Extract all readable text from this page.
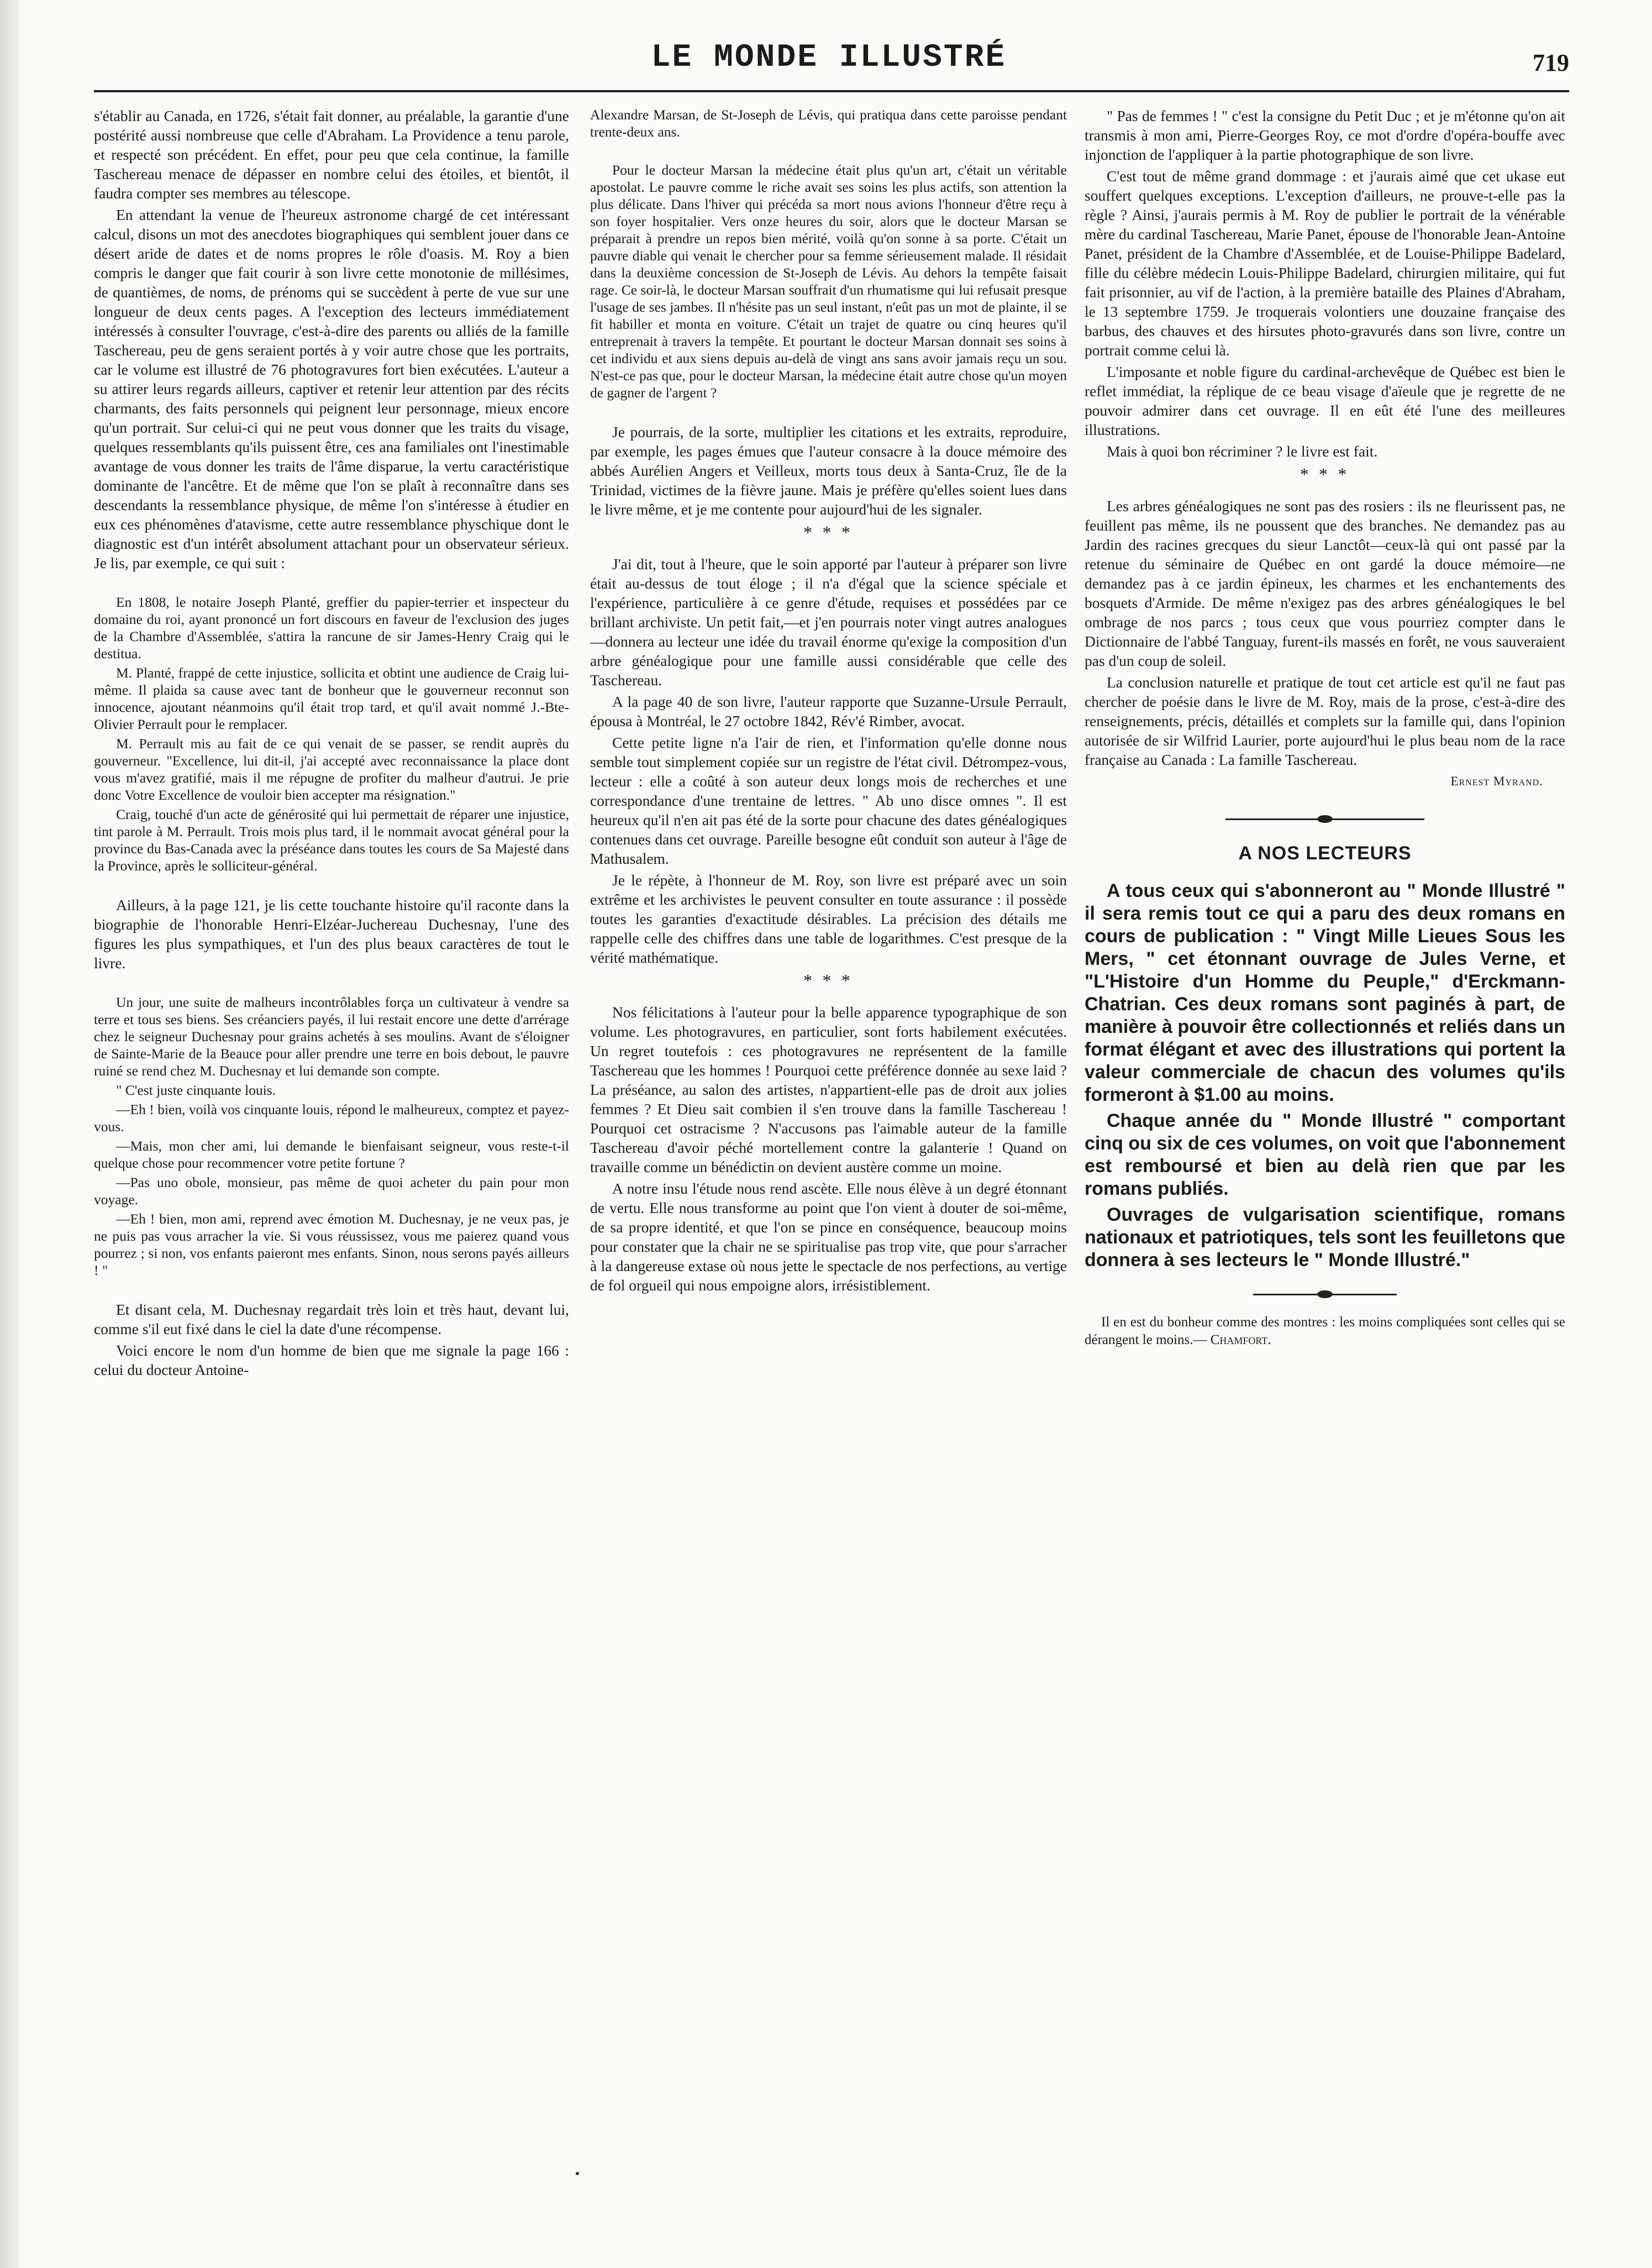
LE MONDE ILLUSTRÉ	719

s'établir au Canada, en 1726, s'était fait donner, au préalable, la garantie d'une postérité aussi nombreuse que celle d'Abraham. La Providence a tenu parole, et respecté son précédent. En effet, pour peu que cela continue, la famille Taschereau menace de dépasser en nombre celui des étoiles, et bientôt, il faudra compter ses membres au télescope.

En attendant la venue de l'heureux astronome chargé de cet intéressant calcul, disons un mot des anecdotes biographiques qui semblent jouer dans ce désert aride de dates et de noms propres le rôle d'oasis. M. Roy a bien compris le danger que fait courir à son livre cette monotonie de millésimes, de quantièmes, de noms, de prénoms qui se succèdent à perte de vue sur une longueur de deux cents pages. A l'exception des lecteurs immédiatement intéressés à consulter l'ouvrage, c'est-à-dire des parents ou alliés de la famille Taschereau, peu de gens seraient portés à y voir autre chose que les portraits, car le volume est illustré de 76 photogravures fort bien exécutées. L'auteur a su attirer leurs regards ailleurs, captiver et retenir leur attention par des récits charmants, des faits personnels qui peignent leur personnage, mieux encore qu'un portrait. Sur celui-ci qui ne peut vous donner que les traits du visage, quelques ressemblants qu'ils puissent être, ces ana familiales ont l'inestimable avantage de vous donner les traits de l'âme disparue, la vertu caractéristique dominante de l'ancêtre. Et de même que l'on se plaît à reconnaître dans ses descendants la ressemblance physique, de même l'on s'intéresse à étudier en eux ces phénomènes d'atavisme, cette autre ressemblance physchique dont le diagnostic est d'un intérêt absolument attachant pour un observateur sérieux. Je lis, par exemple, ce qui suit :

En 1808, le notaire Joseph Planté, greffier du papier-terrier et inspecteur du domaine du roi, ayant prononcé un fort discours en faveur de l'exclusion des juges de la Chambre d'Assemblée, s'attira la rancune de sir James-Henry Craig qui le destitua.

M. Planté, frappé de cette injustice, sollicita et obtint une audience de Craig lui-même. Il plaida sa cause avec tant de bonheur que le gouverneur reconnut son innocence, ajoutant néanmoins qu'il était trop tard, et qu'il avait nommé J.-Bte-Olivier Perrault pour le remplacer.

M. Perrault mis au fait de ce qui venait de se passer, se rendit auprès du gouverneur. "Excellence, lui dit-il, j'ai accepté avec reconnaissance la place dont vous m'avez gratifié, mais il me répugne de profiter du malheur d'autrui. Je prie donc Votre Excellence de vouloir bien accepter ma résignation."

Craig, touché d'un acte de générosité qui lui permettait de réparer une injustice, tint parole à M. Perrault. Trois mois plus tard, il le nommait avocat général pour la province du Bas-Canada avec la préséance dans toutes les cours de Sa Majesté dans la Province, après le solliciteur-général.

Ailleurs, à la page 121, je lis cette touchante histoire qu'il raconte dans la biographie de l'honorable Henri-Elzéar-Juchereau Duchesnay, l'une des figures les plus sympathiques, et l'un des plus beaux caractères de tout le livre.

Un jour, une suite de malheurs incontrôlables força un cultivateur à vendre sa terre et tous ses biens. Ses créanciers payés, il lui restait encore une dette d'arrérage chez le seigneur Duchesnay pour grains achetés à ses moulins. Avant de s'éloigner de Sainte-Marie de la Beauce pour aller prendre une terre en bois debout, le pauvre ruiné se rend chez M. Duchesnay et lui demande son compte.

" C'est juste cinquante louis.

—Eh ! bien, voilà vos cinquante louis, répond le malheureux, comptez et payez-vous.

—Mais, mon cher ami, lui demande le bienfaisant seigneur, vous reste-t-il quelque chose pour recommencer votre petite fortune ?

—Pas uno obole, monsieur, pas même de quoi acheter du pain pour mon voyage.

—Eh ! bien, mon ami, reprend avec émotion M. Duchesnay, je ne veux pas, je ne puis pas vous arracher la vie. Si vous réussissez, vous me paierez quand vous pourrez ; si non, vos enfants paieront mes enfants. Sinon, nous serons payés ailleurs ! "

Et disant cela, M. Duchesnay regardait très loin et très haut, devant lui, comme s'il eut fixé dans le ciel la date d'une récompense.

Voici encore le nom d'un homme de bien que me signale la page 166 : celui du docteur Antoine-

Alexandre Marsan, de St-Joseph de Lévis, qui pratiqua dans cette paroisse pendant trente-deux ans.

Pour le docteur Marsan la médecine était plus qu'un art, c'était un véritable apostolat. Le pauvre comme le riche avait ses soins les plus actifs, son attention la plus délicate. Dans l'hiver qui précéda sa mort nous avions l'honneur d'être reçu à son foyer hospitalier. Vers onze heures du soir, alors que le docteur Marsan se préparait à prendre un repos bien mérité, voilà qu'on sonne à sa porte. C'était un pauvre diable qui venait le chercher pour sa femme sérieusement malade. Il résidait dans la deuxième concession de St-Joseph de Lévis. Au dehors la tempête faisait rage. Ce soir-là, le docteur Marsan souffrait d'un rhumatisme qui lui refusait presque l'usage de ses jambes. Il n'hésite pas un seul instant, n'eût pas un mot de plainte, il se fit habiller et monta en voiture. C'était un trajet de quatre ou cinq heures qu'il entreprenait à travers la tempête. Et pourtant le docteur Marsan donnait ses soins à cet individu et aux siens depuis au-delà de vingt ans sans avoir jamais reçu un sou. N'est-ce pas que, pour le docteur Marsan, la médecine était autre chose qu'un moyen de gagner de l'argent ?

Je pourrais, de la sorte, multiplier les citations et les extraits, reproduire, par exemple, les pages émues que l'auteur consacre à la douce mémoire des abbés Aurélien Angers et Veilleux, morts tous deux à Santa-Cruz, île de la Trinidad, victimes de la fièvre jaune. Mais je préfère qu'elles soient lues dans le livre même, et je me contente pour aujourd'hui de les signaler.

* * *

J'ai dit, tout à l'heure, que le soin apporté par l'auteur à préparer son livre était au-dessus de tout éloge ; il n'a d'égal que la science spéciale et l'expérience, particulière à ce genre d'étude, requises et possédées par ce brillant archiviste. Un petit fait,—et j'en pourrais noter vingt autres analogues—donnera au lecteur une idée du travail énorme qu'exige la composition d'un arbre généalogique pour une famille aussi considérable que celle des Taschereau.

A la page 40 de son livre, l'auteur rapporte que Suzanne-Ursule Perrault, épousa à Montréal, le 27 octobre 1842, Rév'é Rimber, avocat.

Cette petite ligne n'a l'air de rien, et l'information qu'elle donne nous semble tout simplement copiée sur un registre de l'état civil. Détrompez-vous, lecteur : elle a coûté à son auteur deux longs mois de recherches et une correspondance d'une trentaine de lettres. " Ab uno disce omnes ". Il est heureux qu'il n'en ait pas été de la sorte pour chacune des dates généalogiques contenues dans cet ouvrage. Pareille besogne eût conduit son auteur à l'âge de Mathusalem.

Je le répète, à l'honneur de M. Roy, son livre est préparé avec un soin extrême et les archivistes le peuvent consulter en toute assurance : il possède toutes les garanties d'exactitude désirables. La précision des détails me rappelle celle des chiffres dans une table de logarithmes. C'est presque de la vérité mathématique.

* * *

Nos félicitations à l'auteur pour la belle apparence typographique de son volume. Les photogravures, en particulier, sont forts habilement exécutées. Un regret toutefois : ces photogravures ne représentent de la famille Taschereau que les hommes ! Pourquoi cette préférence donnée au sexe laid ? La préséance, au salon des artistes, n'appartient-elle pas de droit aux jolies femmes ? Et Dieu sait combien il s'en trouve dans la famille Taschereau ! Pourquoi cet ostracisme ? N'accusons pas l'aimable auteur de la famille Taschereau d'avoir péché mortellement contre la galanterie ! Quand on travaille comme un bénédictin on devient austère comme un moine.

A notre insu l'étude nous rend ascète. Elle nous élève à un degré étonnant de vertu. Elle nous transforme au point que l'on vient à douter de soi-même, de sa propre identité, et que l'on se pince en conséquence, beaucoup moins pour constater que la chair ne se spiritualise pas trop vite, que pour s'arracher à la dangereuse extase où nous jette le spectacle de nos perfections, au vertige de fol orgueil qui nous empoigne alors, irrésistiblement.

" Pas de femmes ! " c'est la consigne du Petit Duc ; et je m'étonne qu'on ait transmis à mon ami, Pierre-Georges Roy, ce mot d'ordre d'opéra-bouffe avec injonction de l'appliquer à la partie photographique de son livre.

C'est tout de même grand dommage : et j'aurais aimé que cet ukase eut souffert quelques exceptions. L'exception d'ailleurs, ne prouve-t-elle pas la règle ? Ainsi, j'aurais permis à M. Roy de publier le portrait de la vénérable mère du cardinal Taschereau, Marie Panet, épouse de l'honorable Jean-Antoine Panet, président de la Chambre d'Assemblée, et de Louise-Philippe Badelard, fille du célèbre médecin Louis-Philippe Badelard, chirurgien militaire, qui fut fait prisonnier, au vif de l'action, à la première bataille des Plaines d'Abraham, le 13 septembre 1759. Je troquerais volontiers une douzaine française des barbus, des chauves et des hirsutes photo-gravurés dans son livre, contre un portrait comme celui là.

L'imposante et noble figure du cardinal-archevêque de Québec est bien le reflet immédiat, la réplique de ce beau visage d'aïeule que je regrette de ne pouvoir admirer dans cet ouvrage. Il en eût été l'une des meilleures illustrations.

Mais à quoi bon récriminer ? le livre est fait.

* * *

Les arbres généalogiques ne sont pas des rosiers : ils ne fleurissent pas, ne feuillent pas même, ils ne poussent que des branches. Ne demandez pas au Jardin des racines grecques du sieur Lanctôt—ceux-là qui ont passé par la retenue du séminaire de Québec en ont gardé la douce mémoire—ne demandez pas à ce jardin épineux, les charmes et les enchantements des bosquets d'Armide. De même n'exigez pas des arbres généalogiques le bel ombrage de nos parcs ; tous ceux que vous pourriez compter dans le Dictionnaire de l'abbé Tanguay, furent-ils massés en forêt, ne vous sauveraient pas d'un coup de soleil.

La conclusion naturelle et pratique de tout cet article est qu'il ne faut pas chercher de poésie dans le livre de M. Roy, mais de la prose, c'est-à-dire des renseignements, précis, détaillés et complets sur la famille qui, dans l'opinion autorisée de sir Wilfrid Laurier, porte aujourd'hui le plus beau nom de la race française au Canada : La famille Taschereau.

Ernest Myrand.
A NOS LECTEURS

A tous ceux qui s'abonneront au " Monde Illustré " il sera remis tout ce qui a paru des deux romans en cours de publication : " Vingt Mille Lieues Sous les Mers, " cet étonnant ouvrage de Jules Verne, et "L'Histoire d'un Homme du Peuple," d'Erckmann-Chatrian. Ces deux romans sont paginés à part, de manière à pouvoir être collectionnés et reliés dans un format élégant et avec des illustrations qui portent la valeur commerciale de chacun des volumes qu'ils formeront à $1.00 au moins.

Chaque année du " Monde Illustré " comportant cinq ou six de ces volumes, on voit que l'abonnement est remboursé et bien au delà rien que par les romans publiés.

Ouvrages de vulgarisation scientifique, romans nationaux et patriotiques, tels sont les feuilletons que donnera à ses lecteurs le " Monde Illustré."

Il en est du bonheur comme des montres : les moins compliquées sont celles qui se dérangent le moins.— Chamfort.
